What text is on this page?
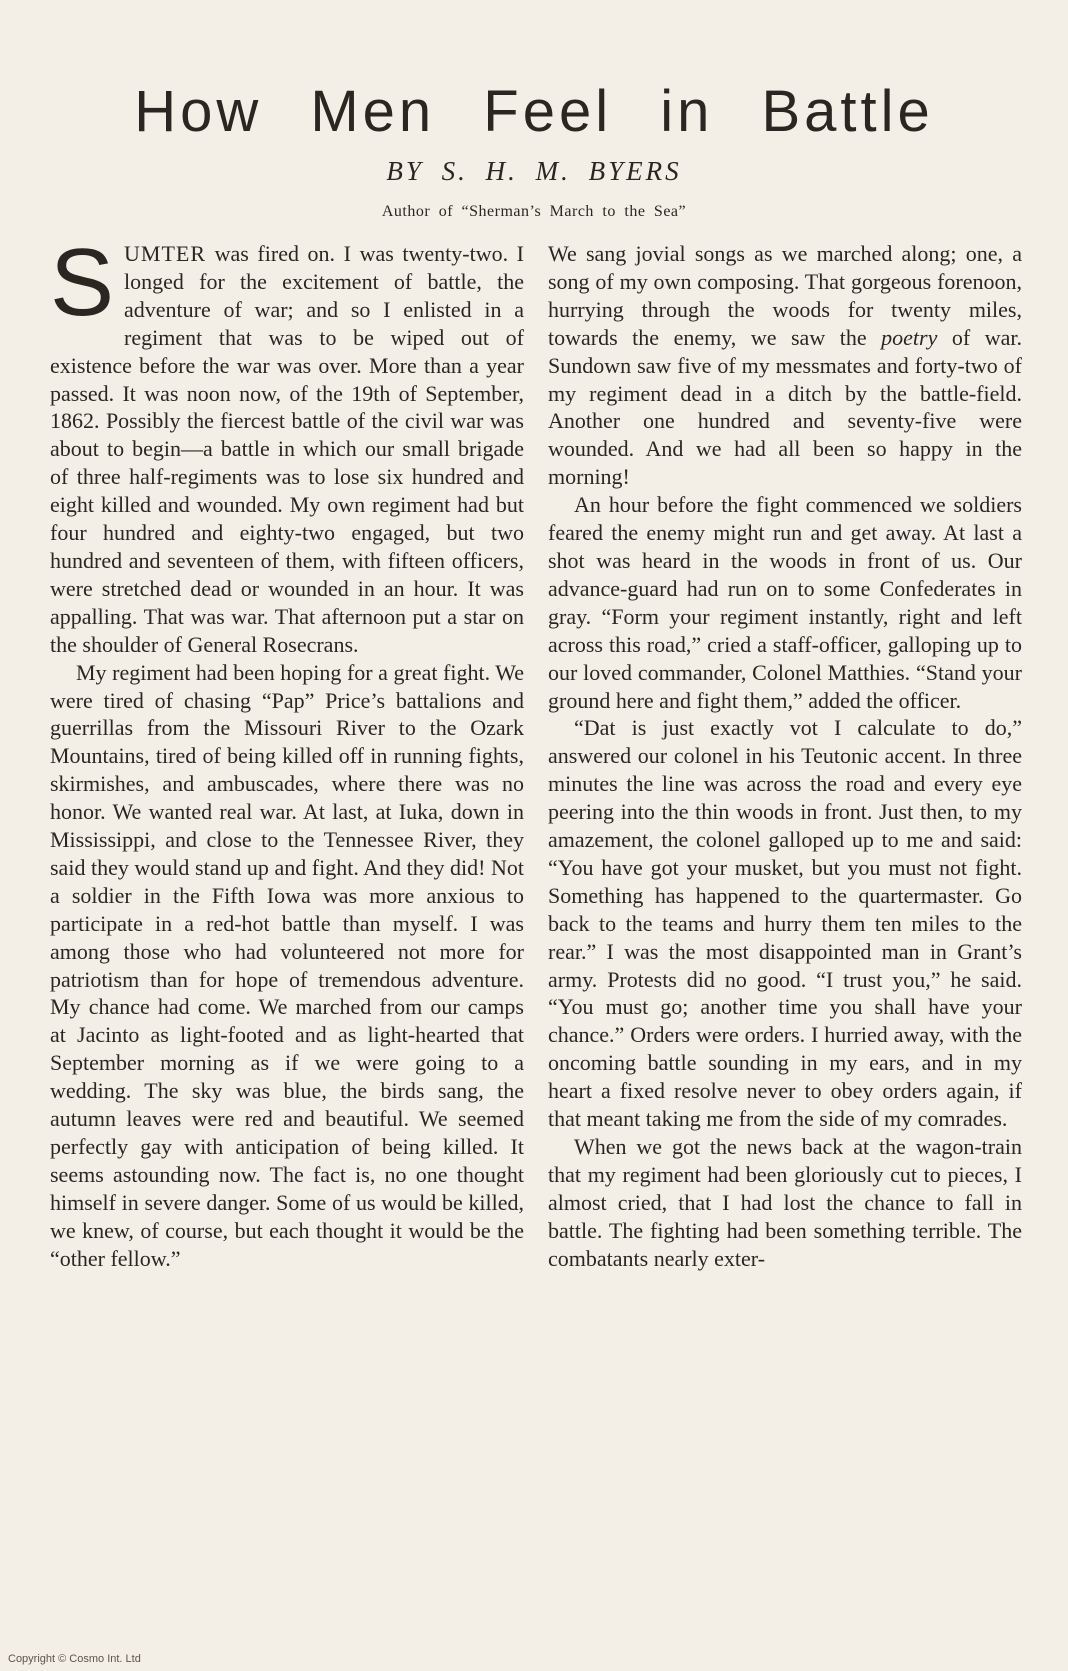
How Men Feel in Battle
BY S. H. M. BYERS
Author of “Sherman’s March to the Sea”

SUMTER was fired on. I was twenty-two. I longed for the excitement of battle, the adventure of war; and so I enlisted in a regiment that was to be wiped out of existence before the war was over. More than a year passed. It was noon now, of the 19th of September, 1862. Possibly the fiercest battle of the civil war was about to begin—a battle in which our small brigade of three half-regiments was to lose six hundred and eight killed and wounded. My own regiment had but four hundred and eighty-two engaged, but two hundred and seventeen of them, with fifteen officers, were stretched dead or wounded in an hour. It was appalling. That was war. That afternoon put a star on the shoulder of General Rosecrans.

My regiment had been hoping for a great fight. We were tired of chasing “Pap” Price’s battalions and guerrillas from the Missouri River to the Ozark Mountains, tired of being killed off in running fights, skirmishes, and ambuscades, where there was no honor. We wanted real war. At last, at Iuka, down in Mississippi, and close to the Tennessee River, they said they would stand up and fight. And they did! Not a soldier in the Fifth Iowa was more anxious to participate in a red-hot battle than myself. I was among those who had volunteered not more for patriotism than for hope of tremendous adventure. My chance had come. We marched from our camps at Jacinto as light-footed and as light-hearted that September morning as if we were going to a wedding. The sky was blue, the birds sang, the autumn leaves were red and beautiful. We seemed perfectly gay with anticipation of being killed. It seems astounding now. The fact is, no one thought himself in severe danger. Some of us would be killed, we knew, of course, but each thought it would be the “other fellow.”

We sang jovial songs as we marched along; one, a song of my own composing. That gorgeous forenoon, hurrying through the woods for twenty miles, towards the enemy, we saw the poetry of war. Sundown saw five of my messmates and forty-two of my regiment dead in a ditch by the battle-field. Another one hundred and seventy-five were wounded. And we had all been so happy in the morning!

An hour before the fight commenced we soldiers feared the enemy might run and get away. At last a shot was heard in the woods in front of us. Our advance-guard had run on to some Confederates in gray. “Form your regiment instantly, right and left across this road,” cried a staff-officer, galloping up to our loved commander, Colonel Matthies. “Stand your ground here and fight them,” added the officer.

“Dat is just exactly vot I calculate to do,” answered our colonel in his Teutonic accent. In three minutes the line was across the road and every eye peering into the thin woods in front. Just then, to my amazement, the colonel galloped up to me and said: “You have got your musket, but you must not fight. Something has happened to the quartermaster. Go back to the teams and hurry them ten miles to the rear.” I was the most disappointed man in Grant’s army. Protests did no good. “I trust you,” he said. “You must go; another time you shall have your chance.” Orders were orders. I hurried away, with the oncoming battle sounding in my ears, and in my heart a fixed resolve never to obey orders again, if that meant taking me from the side of my comrades.

When we got the news back at the wagon-train that my regiment had been gloriously cut to pieces, I almost cried, that I had lost the chance to fall in battle. The fighting had been something terrible. The combatants nearly exter-

Copyright © Cosmo Int. Ltd
